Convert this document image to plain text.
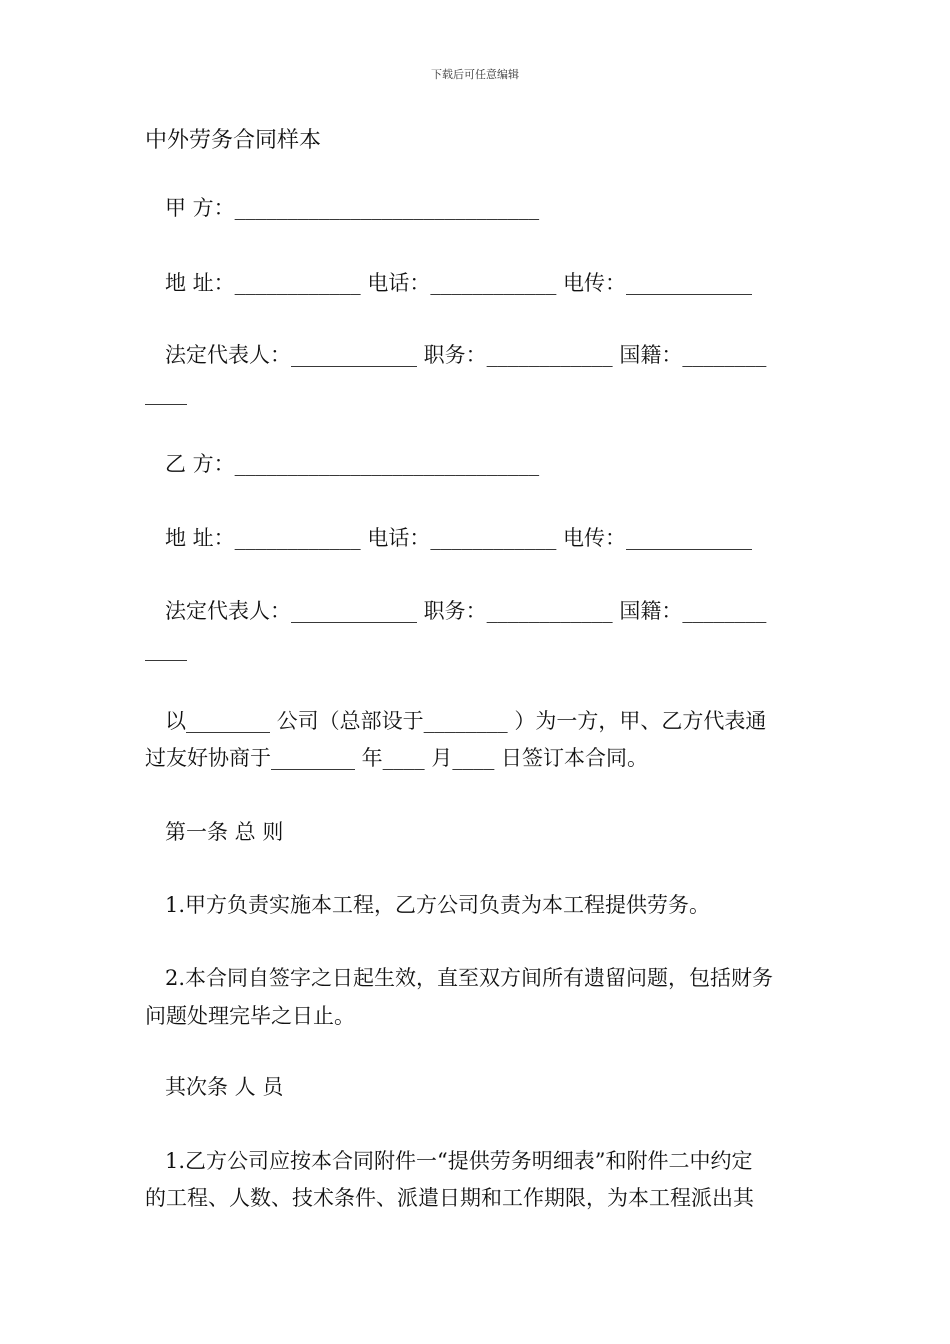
下载后可任意编辑
中外劳务合同样本
甲 方：_____________________________
地 址：____________ 电话：____________ 电传：____________
法定代表人：____________ 职务：____________ 国籍：________
____
乙 方：_____________________________
地 址：____________ 电话：____________ 电传：____________
法定代表人：____________ 职务：____________ 国籍：________
____
以________ 公司（总部设于________ ）为一方，甲、乙方代表通
过友好协商于________ 年____ 月____ 日签订本合同。
第一条 总 则
1.甲方负责实施本工程，乙方公司负责为本工程提供劳务。
2.本合同自签字之日起生效，直至双方间所有遗留问题，包括财务
问题处理完毕之日止。
其次条 人 员
1.乙方公司应按本合同附件一“提供劳务明细表”和附件二中约定
的工程、人数、技术条件、派遣日期和工作期限，为本工程派出其
